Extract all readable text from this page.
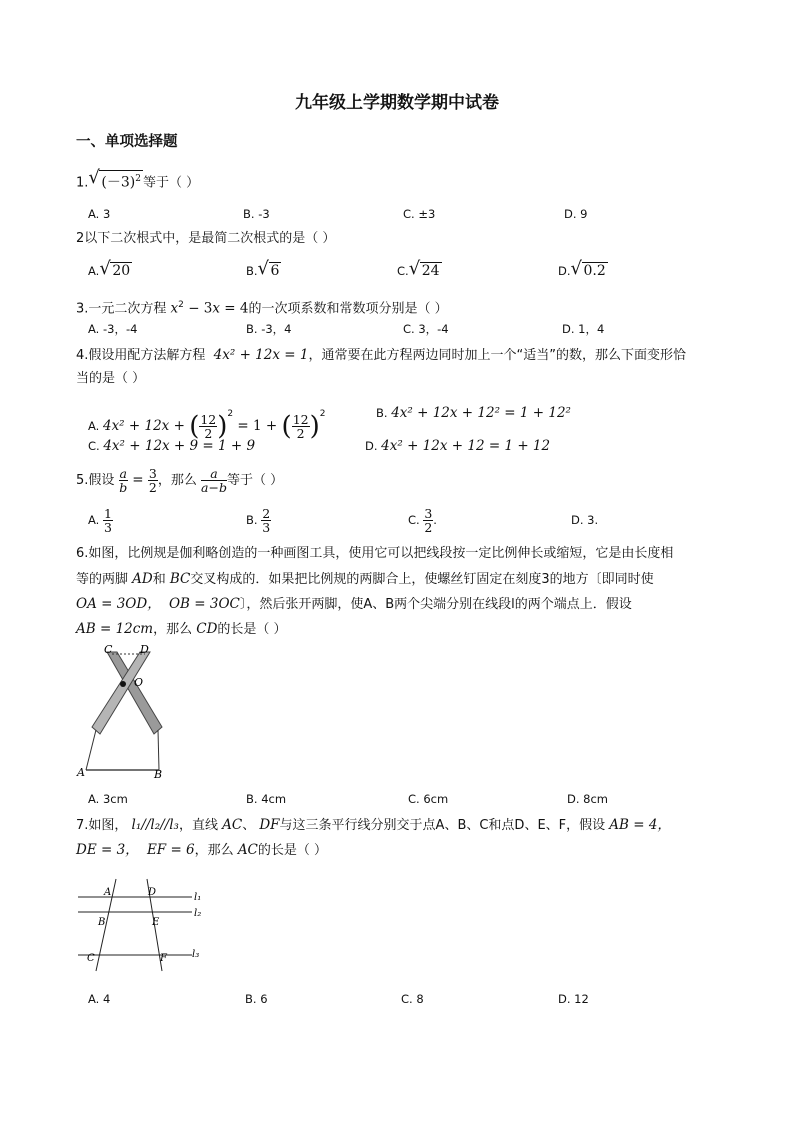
九年级上学期数学期中试卷
一、单项选择题
1. √ $(-3)^2$ 等于（ ）
A. 3	B. -3	C. ±3	D. 9
2以下二次根式中，是最简二次根式的是（ ）
A. √ 20	B. √ 6	C. √ 24	D. √ 0.2
3.一元二次方程 $x^2 - 3x = 4$的一次项系数和常数项分别是（ ）
A. -3，-4	B. -3，4	C. 3，-4	D. 1，4
4.假设用配方法解方程 4x² + 12x = 1，通常要在此方程两边同时加上一个“适当”的数，那么下面变形恰
当的是（ ）
A. 4x² + 12x + ( $\frac{12}{2} )^2 = 1$ + ( $\frac{12}{2} )^2$	B. 4x² + 12x + 12² = 1 + 12²
C. 4x² + 12x + 9 = 1 + 9	D. 4x² + 12x + 12 = 1 + 12
5.假设 $\frac{a}{b} = \frac{3}{2}$ ，那么 $\frac{a}{a-b}$ 等于（ ）
A. $\frac{1}{3}$	B. $\frac{2}{3}$	C. $\frac{3}{2}$ .	D. 3.
6.如图，比例规是伽利略创造的一种画图工具，使用它可以把线段按一定比例伸长或缩短，它是由长度相
等的两脚 AD和 BC交叉构成的．如果把比例规的两脚合上，使螺丝钉固定在刻度3的地方〔即同时使
OA = 3OD， OB = 3OC〕，然后张开两脚，使A、B两个尖端分别在线段l的两个端点上．假设
AB = 12cm，那么 CD的长是（ ）
C	D
O
A	B
A. 3cm	B. 4cm	C. 6cm	D. 8cm
7.如图， l₁//l₂//l₃，直线 AC、 DF与这三条平行线分别交于点A、B、C和点D、E、F，假设 AB = 4，
DE = 3， EF = 6，那么 AC的长是（ ）
A	D
B	E
C	F
l₁
l₂
l₃
A. 4	B. 6	C. 8	D. 12
